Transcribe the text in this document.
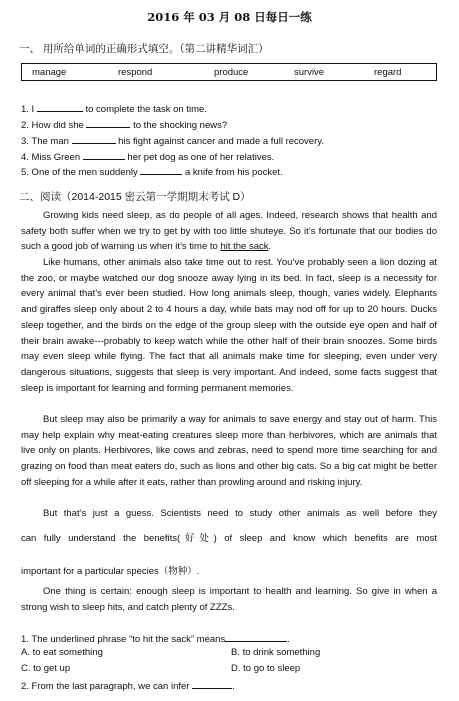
2016 年 03 月 08 日每日一练
一、 用所给单词的正确形式填空。（第二讲精华词汇）
manage	respond	produce	survive	regard
1. I	to complete the task on time.
2. How did she	to the shocking news?
3. The man	his fight against cancer and made a full recovery.
4. Miss Green	her pet dog as one of her relatives.
5. One of the men suddenly	a knife from his pocket.
二、阅读（2014-2015 密云第一学期期末考试 D）

Growing kids need sleep, as do people of all ages. Indeed, research shows that health and safety both suffer when we try to get by with too little shuteye. So it’s fortunate that our bodies do such a good job of warning us when it’s time to hit the sack.

Like humans, other animals also take time out to rest. You’ve probably seen a lion dozing at the zoo, or maybe watched our dog snooze away lying in its bed. In fact, sleep is a necessity for every animal that’s ever been studied. How long animals sleep, though, varies widely. Elephants and giraffes sleep only about 2 to 4 hours a day, while bats may nod off for up to 20 hours. Ducks sleep together, and the birds on the edge of the group sleep with the outside eye open and half of their brain awake---probably to keep watch while the other half of their brain snoozes. Some birds may even sleep while flying. The fact that all animals make time for sleeping, even under very dangerous situations, suggests that sleep is very important. And indeed, some facts suggest that sleep is important for learning and forming permanent memories.

But sleep may also be primarily a way for animals to save energy and stay out of harm. This may help explain why meat-eating creatures sleep more than herbivores, which are animals that live only on plants. Herbivores, like cows and zebras, need to spend more time searching for and grazing on food than meat eaters do, such as lions and other big cats. So a big cat might be better off sleeping for a while after it eats, rather than prowling around and risking injury.

But that’s just a guess. Scientists need to study other animals as well before they
can fully understand the benefits(好处) of sleep and know which benefits are most
important for a particular species（物种）.

One thing is certain: enough sleep is important to health and learning. So give in when a strong wish to sleep hits, and catch plenty of ZZZs.

1. The underlined phrase “to hit the sack” means	.
A. to eat something	B. to drink something
C. to get up	D. to go to sleep
2. From the last paragraph, we can infer	.
